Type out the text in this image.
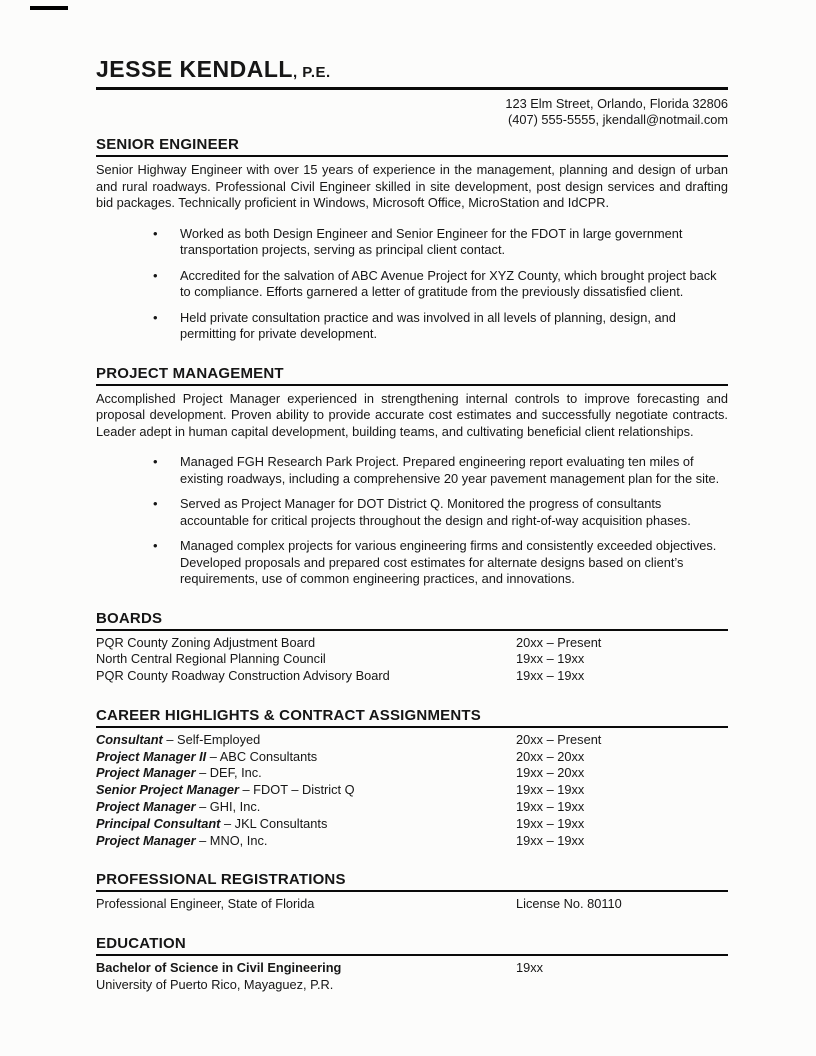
JESSE KENDALL , P.E.
123 Elm Street, Orlando, Florida 32806
(407) 555-5555, jkendall@notmail.com
SENIOR ENGINEER

Senior Highway Engineer with over 15 years of experience in the management, planning and design of urban and rural roadways. Professional Civil Engineer skilled in site development, post design services and drafting bid packages. Technically proficient in Windows, Microsoft Office, MicroStation and IdCPR.

• Worked as both Design Engineer and Senior Engineer for the FDOT in large government transportation projects, serving as principal client contact.
• Accredited for the salvation of ABC Avenue Project for XYZ County, which brought project back to compliance. Efforts garnered a letter of gratitude from the previously dissatisfied client.
• Held private consultation practice and was involved in all levels of planning, design, and permitting for private development.
PROJECT MANAGEMENT

Accomplished Project Manager experienced in strengthening internal controls to improve forecasting and proposal development. Proven ability to provide accurate cost estimates and successfully negotiate contracts. Leader adept in human capital development, building teams, and cultivating beneficial client relationships.

• Managed FGH Research Park Project. Prepared engineering report evaluating ten miles of existing roadways, including a comprehensive 20 year pavement management plan for the site.
• Served as Project Manager for DOT District Q. Monitored the progress of consultants accountable for critical projects throughout the design and right-of-way acquisition phases.
• Managed complex projects for various engineering firms and consistently exceeded objectives. Developed proposals and prepared cost estimates for alternate designs based on client’s requirements, use of common engineering practices, and innovations.
BOARDS
PQR County Zoning Adjustment Board	20xx – Present
North Central Regional Planning Council	19xx – 19xx
PQR County Roadway Construction Advisory Board	19xx – 19xx
CAREER HIGHLIGHTS & CONTRACT ASSIGNMENTS
Consultant – Self-Employed	20xx – Present
Project Manager II – ABC Consultants	20xx – 20xx
Project Manager – DEF, Inc.	19xx – 20xx
Senior Project Manager – FDOT – District Q	19xx – 19xx
Project Manager – GHI, Inc.	19xx – 19xx
Principal Consultant – JKL Consultants	19xx – 19xx
Project Manager – MNO, Inc.	19xx – 19xx
PROFESSIONAL REGISTRATIONS
Professional Engineer, State of Florida	License No. 80110
EDUCATION
Bachelor of Science in Civil Engineering	19xx
University of Puerto Rico, Mayaguez, P.R.
